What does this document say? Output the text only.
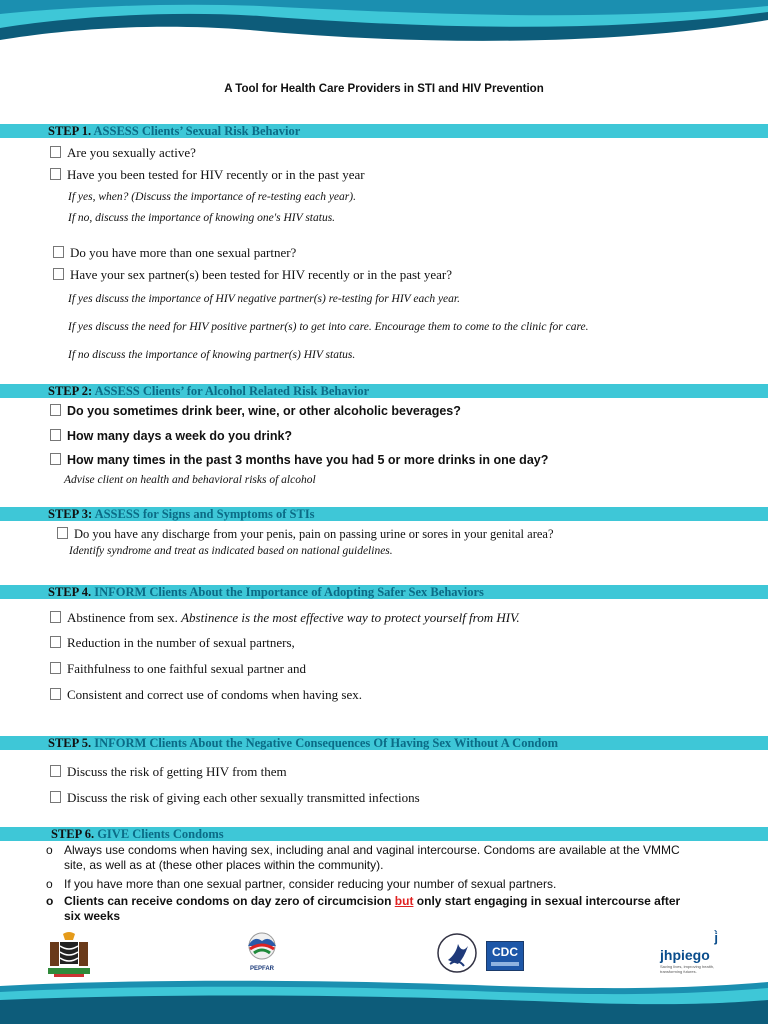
A Tool for Health Care Providers in STI and HIV Prevention
STEP 1. ASSESS Clients’ Sexual Risk Behavior
Are you sexually active?
Have you been tested for HIV recently or in the past year
If yes, when? (Discuss the importance of re-testing each year).
If no, discuss the importance of knowing one's HIV status.
Do you have more than one sexual partner?
Have your sex partner(s) been tested for HIV recently or in the past year?
If yes discuss the importance of HIV negative partner(s) re-testing for HIV each year.
If yes discuss the need for HIV positive partner(s) to get into care. Encourage them to come to the clinic for care.
If no discuss the importance of knowing partner(s) HIV status.
STEP 2: ASSESS Clients’ for Alcohol Related Risk Behavior
Do you sometimes drink beer, wine, or other alcoholic beverages?
How many days a week do you drink?
How many times in the past 3 months have you had 5 or more drinks in one day?
Advise client on health and behavioral risks of alcohol
STEP 3: ASSESS for Signs and Symptoms of STIs
Do you have any discharge from your penis, pain on passing urine or sores in your genital area?
Identify syndrome and treat as indicated based on national guidelines.
STEP 4. INFORM Clients About the Importance of Adopting Safer Sex Behaviors
Abstinence from sex. Abstinence is the most effective way to protect yourself from HIV.
Reduction in the number of sexual partners,
Faithfulness to one faithful sexual partner and
Consistent and correct use of condoms when having sex.
STEP 5. INFORM Clients About the Negative Consequences Of Having Sex Without A Condom
Discuss the risk of getting HIV from them
Discuss the risk of giving each other sexually transmitted infections
STEP 6. GIVE Clients Condoms
o Always use condoms when having sex, including anal and vaginal intercourse. Condoms are available at the VMMC
site, as well as at (these other places within the community).
o If you have more than one sexual partner, consider reducing your number of sexual partners.
o Clients can receive condoms on day zero of circumcision but only start engaging in sexual intercourse after
six weeks
PEPFAR
CDC
j̀
jhpiego
Saving lives, improving health, transforming futures.
